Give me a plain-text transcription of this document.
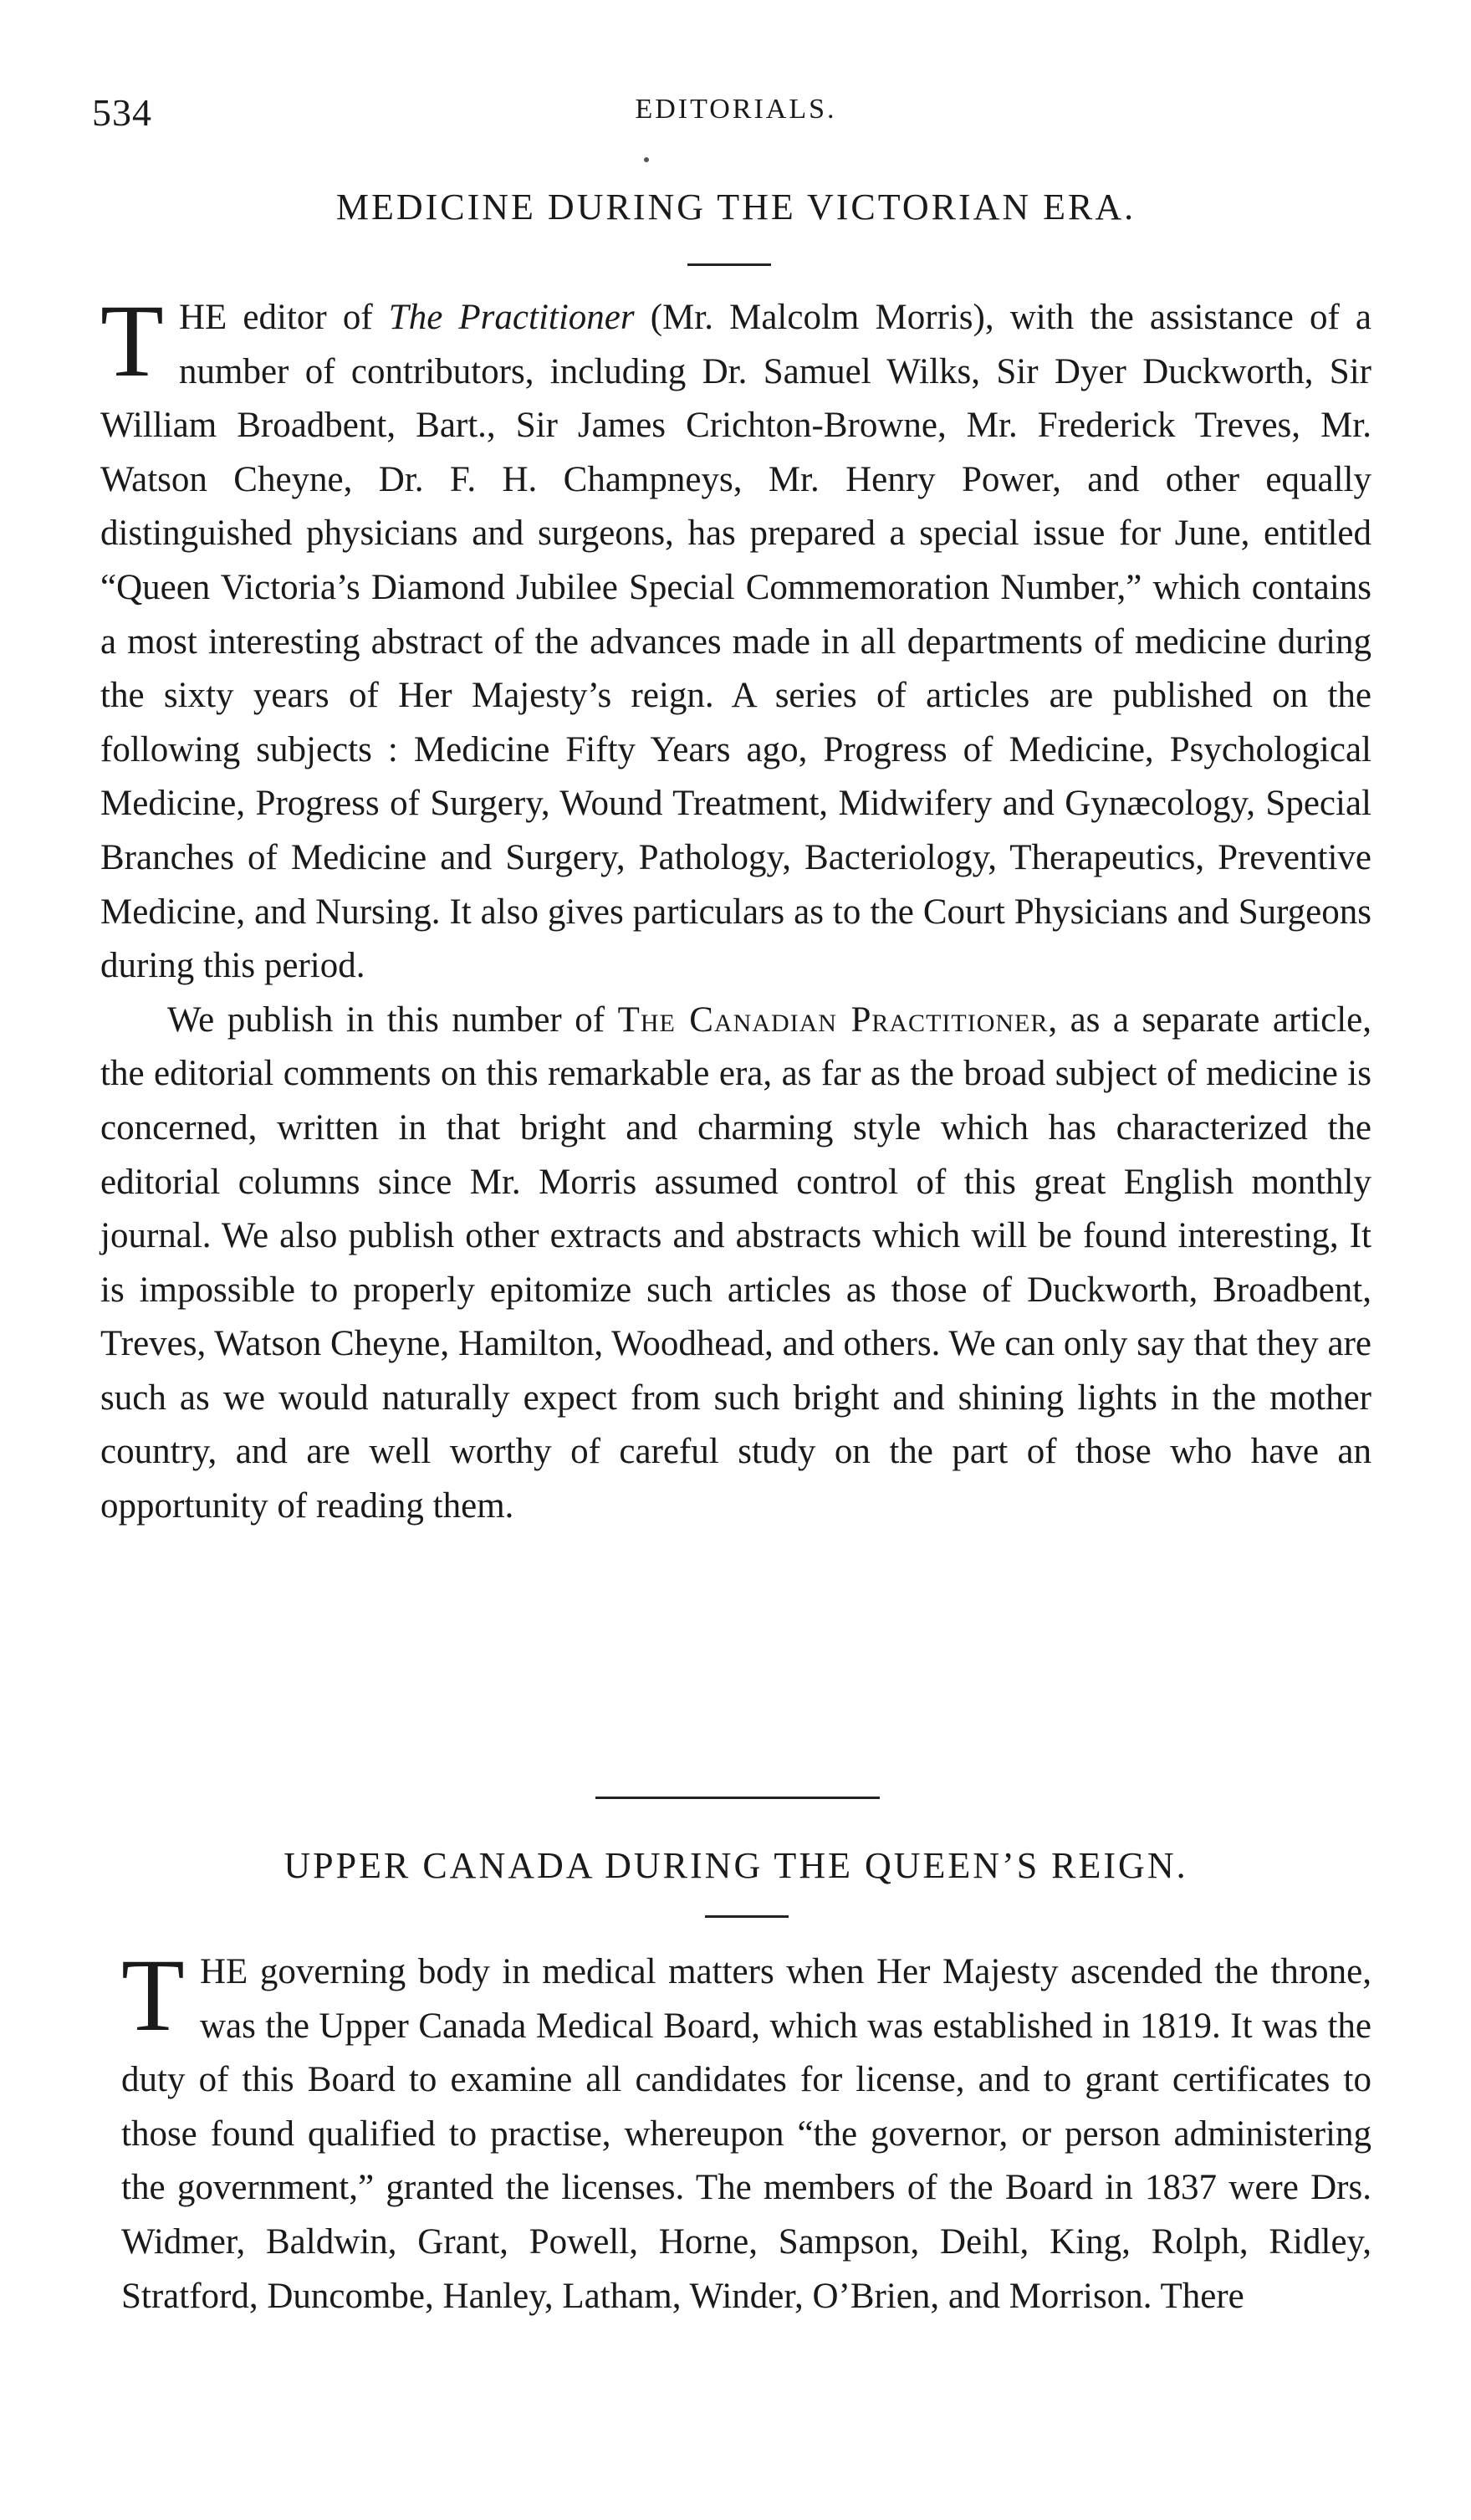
534	EDITORIALS.
MEDICINE DURING THE VICTORIAN ERA.

THE editor of The Practitioner (Mr. Malcolm Morris), with the assistance of a number of contributors, including Dr. Samuel Wilks, Sir Dyer Duckworth, Sir William Broadbent, Bart., Sir James Crichton-Browne, Mr. Frederick Treves, Mr. Watson Cheyne, Dr. F. H. Champneys, Mr. Henry Power, and other equally distinguished physicians and surgeons, has prepared a special issue for June, entitled “Queen Victoria’s Diamond Jubilee Special Commemoration Number,” which contains a most interesting abstract of the advances made in all departments of medicine during the sixty years of Her Majesty’s reign. A series of articles are published on the following subjects : Medicine Fifty Years ago, Progress of Medicine, Psychological Medicine, Progress of Surgery, Wound Treatment, Midwifery and Gynæcology, Special Branches of Medicine and Surgery, Pathology, Bacteriology, Therapeutics, Preventive Medicine, and Nursing. It also gives particulars as to the Court Physicians and Surgeons during this period.

We publish in this number of The Canadian Practitioner, as a separate article, the editorial comments on this remarkable era, as far as the broad subject of medicine is concerned, written in that bright and charming style which has characterized the editorial columns since Mr. Morris assumed control of this great English monthly journal. We also publish other extracts and abstracts which will be found interesting, It is impossible to properly epitomize such articles as those of Duckworth, Broadbent, Treves, Watson Cheyne, Hamilton, Woodhead, and others. We can only say that they are such as we would naturally expect from such bright and shining lights in the mother country, and are well worthy of careful study on the part of those who have an opportunity of reading them.

UPPER CANADA DURING THE QUEEN’S REIGN.

THE governing body in medical matters when Her Majesty ascended the throne, was the Upper Canada Medical Board, which was established in 1819. It was the duty of this Board to examine all candidates for license, and to grant certificates to those found qualified to practise, whereupon “the governor, or person administering the government,” granted the licenses. The members of the Board in 1837 were Drs. Widmer, Baldwin, Grant, Powell, Horne, Sampson, Deihl, King, Rolph, Ridley, Stratford, Duncombe, Hanley, Latham, Winder, O’Brien, and Morrison. There
